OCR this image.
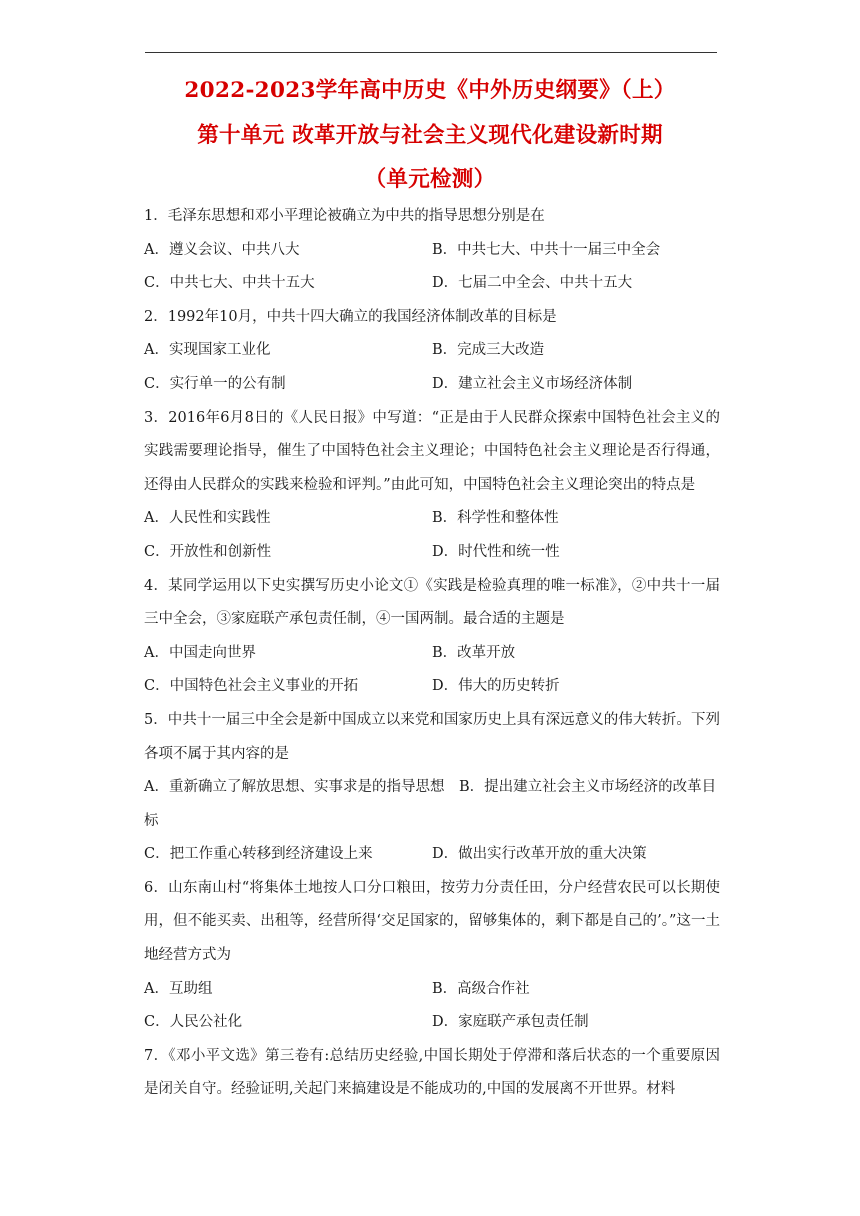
2022-2023学年高中历史《中外历史纲要》（上）
第十单元 改革开放与社会主义现代化建设新时期
（单元检测）

1．毛泽东思想和邓小平理论被确立为中共的指导思想分别是在

A．遵义会议、中共八大	B．中共七大、中共十一届三中全会
C．中共七大、中共十五大	D．七届二中全会、中共十五大

2．1992年10月，中共十四大确立的我国经济体制改革的目标是

A．实现国家工业化	B．完成三大改造
C．实行单一的公有制	D．建立社会主义市场经济体制

3．2016年6月8日的《人民日报》中写道：“正是由于人民群众探索中国特色社会主义的实践需要理论指导，催生了中国特色社会主义理论；中国特色社会主义理论是否行得通，还得由人民群众的实践来检验和评判。”由此可知，中国特色社会主义理论突出的特点是

A．人民性和实践性	B．科学性和整体性
C．开放性和创新性	D．时代性和统一性

4．某同学运用以下史实撰写历史小论文①《实践是检验真理的唯一标准》，②中共十一届三中全会，③家庭联产承包责任制，④一国两制。最合适的主题是

A．中国走向世界	B．改革开放
C．中国特色社会主义事业的开拓	D．伟大的历史转折

5．中共十一届三中全会是新中国成立以来党和国家历史上具有深远意义的伟大转折。下列各项不属于其内容的是

A．重新确立了解放思想、实事求是的指导思想　 B．提出建立社会主义市场经济的改革目标

C．把工作重心转移到经济建设上来	D．做出实行改革开放的重大决策

6．山东南山村“将集体土地按人口分口粮田，按劳力分责任田，分户经营农民可以长期使用，但不能买卖、出租等，经营所得‘交足国家的，留够集体的，剩下都是自己的’。”这一土地经营方式为

A．互助组	B．高级合作社
C．人民公社化	D．家庭联产承包责任制

7．《邓小平文选》第三卷有:总结历史经验,中国长期处于停滞和落后状态的一个重要原因是闭关自守。经验证明,关起门来搞建设是不能成功的,中国的发展离不开世界。材料
